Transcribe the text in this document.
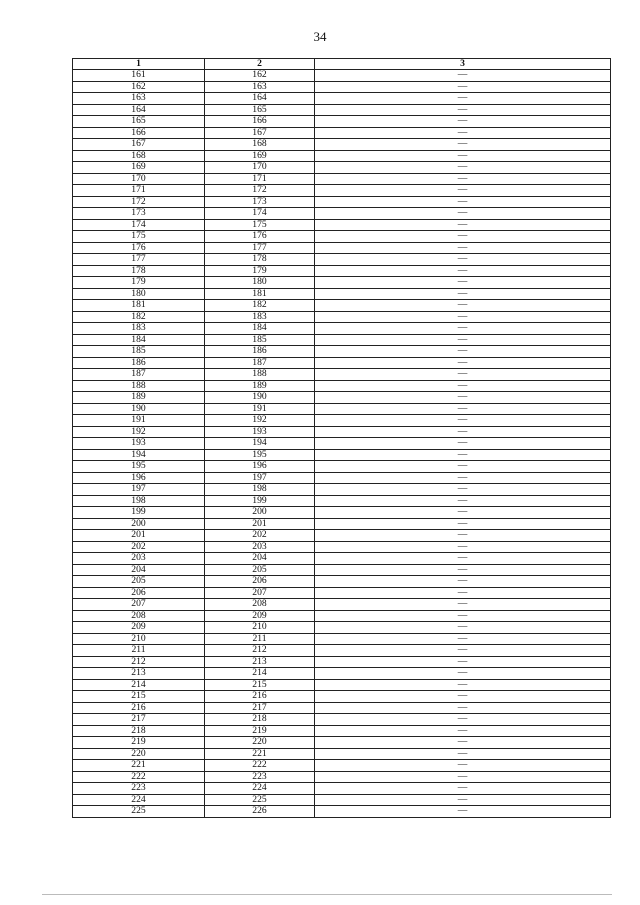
34
1	2	3
161	162	—
162	163	—
163	164	—
164	165	—
165	166	—
166	167	—
167	168	—
168	169	—
169	170	—
170	171	—
171	172	—
172	173	—
173	174	—
174	175	—
175	176	—
176	177	—
177	178	—
178	179	—
179	180	—
180	181	—
181	182	—
182	183	—
183	184	—
184	185	—
185	186	—
186	187	—
187	188	—
188	189	—
189	190	—
190	191	—
191	192	—
192	193	—
193	194	—
194	195	—
195	196	—
196	197	—
197	198	—
198	199	—
199	200	—
200	201	—
201	202	—
202	203	—
203	204	—
204	205	—
205	206	—
206	207	—
207	208	—
208	209	—
209	210	—
210	211	—
211	212	—
212	213	—
213	214	—
214	215	—
215	216	—
216	217	—
217	218	—
218	219	—
219	220	—
220	221	—
221	222	—
222	223	—
223	224	—
224	225	—
225	226	—
